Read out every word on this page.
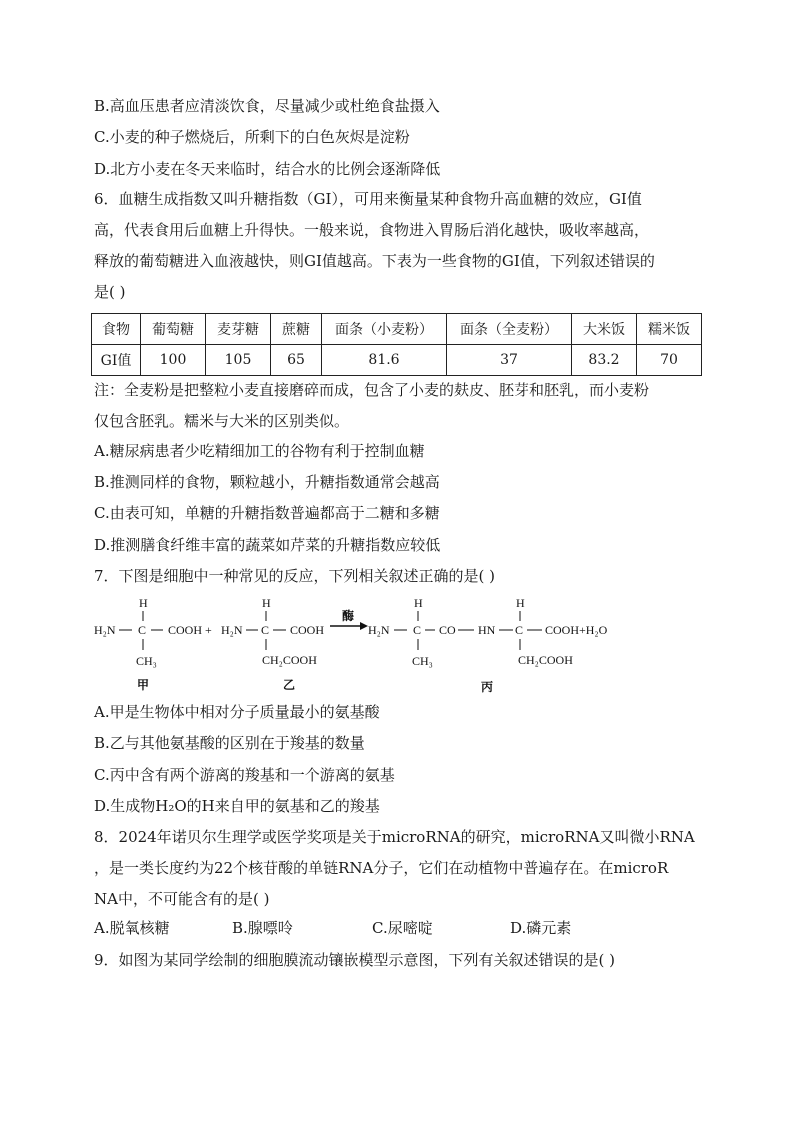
B.高血压患者应清淡饮食，尽量减少或杜绝食盐摄入
C.小麦的种子燃烧后，所剩下的白色灰烬是淀粉
D.北方小麦在冬天来临时，结合水的比例会逐渐降低
6．血糖生成指数又叫升糖指数（GI），可用来衡量某种食物升高血糖的效应，GI值
高，代表食用后血糖上升得快。一般来说，食物进入胃肠后消化越快，吸收率越高，
释放的葡萄糖进入血液越快，则GI值越高。下表为一些食物的GI值，下列叙述错误的
是( )
食物	葡萄糖	麦芽糖	蔗糖	面条（小麦粉）	面条（全麦粉）	大米饭	糯米饭
GI值	100	105	65	81.6	37	83.2	70
注：全麦粉是把整粒小麦直接磨碎而成，包含了小麦的麸皮、胚芽和胚乳，而小麦粉
仅包含胚乳。糯米与大米的区别类似。
A.糖尿病患者少吃精细加工的谷物有利于控制血糖
B.推测同样的食物，颗粒越小，升糖指数通常会越高
C.由表可知，单糖的升糖指数普遍都高于二糖和多糖
D.推测膳食纤维丰富的蔬菜如芹菜的升糖指数应较低
7．下图是细胞中一种常见的反应，下列相关叙述正确的是( )
H
H₂N C COOH +
CH₃
甲
H
H₂N C COOH
CH₂COOH
乙
酶
H₂N
H
C CO HN
CH₃
H
C COOH+H₂O
CH₂COOH
丙
A.甲是生物体中相对分子质量最小的氨基酸
B.乙与其他氨基酸的区别在于羧基的数量
C.丙中含有两个游离的羧基和一个游离的氨基
D.生成物H₂O的H来自甲的氨基和乙的羧基
8．2024年诺贝尔生理学或医学奖项是关于microRNA的研究，microRNA又叫微小RNA
，是一类长度约为22个核苷酸的单链RNA分子，它们在动植物中普遍存在。在microR
NA中，不可能含有的是( )
A.脱氧核糖	B.腺嘌呤	C.尿嘧啶	D.磷元素
9．如图为某同学绘制的细胞膜流动镶嵌模型示意图，下列有关叙述错误的是( )
